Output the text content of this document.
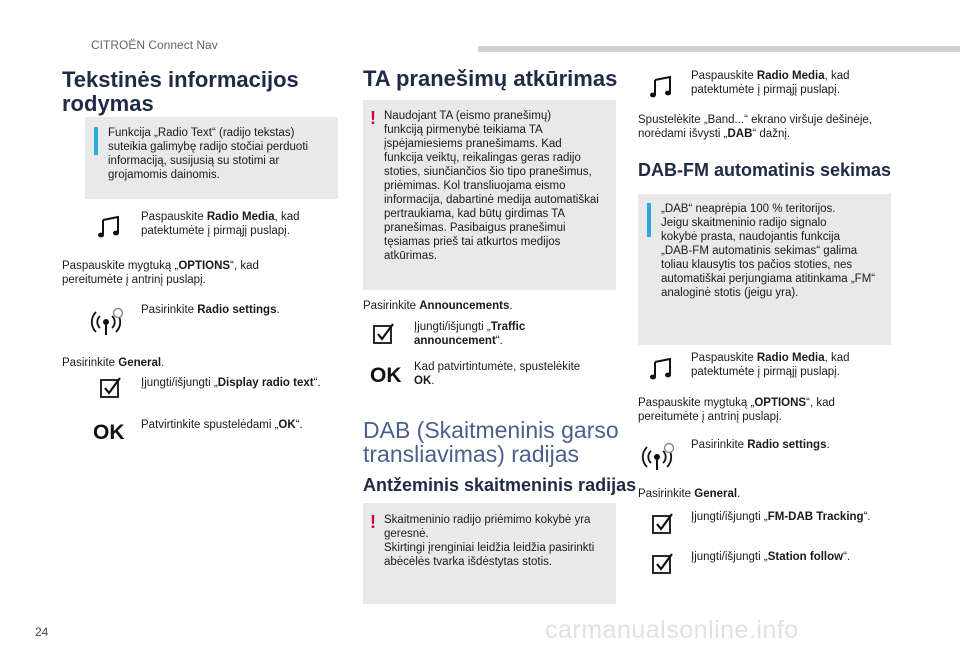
CITROËN Connect Nav
Tekstinės informacijos
rodymas
Funkcija „Radio Text“ (radijo tekstas)
suteikia galimybę radijo stočiai perduoti
informaciją, susijusią su stotimi ar
grojamomis dainomis.
Paspauskite Radio Media, kad
patektumėte į pirmąjį puslapį.
Paspauskite mygtuką „OPTIONS“, kad
pereitumėte į antrinį puslapį.
Pasirinkite Radio settings.
Pasirinkite General.
Įjungti/išjungti „Display radio text“.
OK Patvirtinkite spustelėdami „OK“.
TA pranešimų atkūrimas
! Naudojant TA (eismo pranešimų)
funkciją pirmenybė teikiama TA
įspėjamiesiems pranešimams. Kad
funkcija veiktų, reikalingas geras radijo
stoties, siunčiančios šio tipo pranešimus,
priėmimas. Kol transliuojama eismo
informacija, dabartinė medija automatiškai
pertraukiama, kad būtų girdimas TA
pranešimas. Pasibaigus pranešimui
tęsiamas prieš tai atkurtos medijos
atkūrimas.
Pasirinkite Announcements.
Įjungti/išjungti „Traffic
announcement“.
OK Kad patvirtintumėte, spustelėkite
OK.
DAB (Skaitmeninis garso
transliavimas) radijas
Antžeminis skaitmeninis radijas
! Skaitmeninio radijo priėmimo kokybė yra
geresnė.
Skirtingi įrenginiai leidžia leidžia pasirinkti
abėcėlės tvarka išdėstytas stotis.
Paspauskite Radio Media, kad
patektumėte į pirmąjį puslapį.
Spustelėkite „Band...“ ekrano viršuje dešinėje,
norėdami išvysti „DAB“ dažnį.
DAB-FM automatinis sekimas
„DAB“ neaprėpia 100 % teritorijos.
Jeigu skaitmeninio radijo signalo
kokybė prasta, naudojantis funkcija
„DAB-FM automatinis sekimas“ galima
toliau klausytis tos pačios stoties, nes
automatiškai perjungiama atitinkama „FM“
analoginė stotis (jeigu yra).
Paspauskite Radio Media, kad
patektumėte į pirmąjį puslapį.
Paspauskite mygtuką „OPTIONS“, kad
pereitumėte į antrinį puslapį.
Pasirinkite Radio settings.
Pasirinkite General.
Įjungti/išjungti „FM-DAB Tracking“.
Įjungti/išjungti „Station follow“.
24	carmanualsonline.info
